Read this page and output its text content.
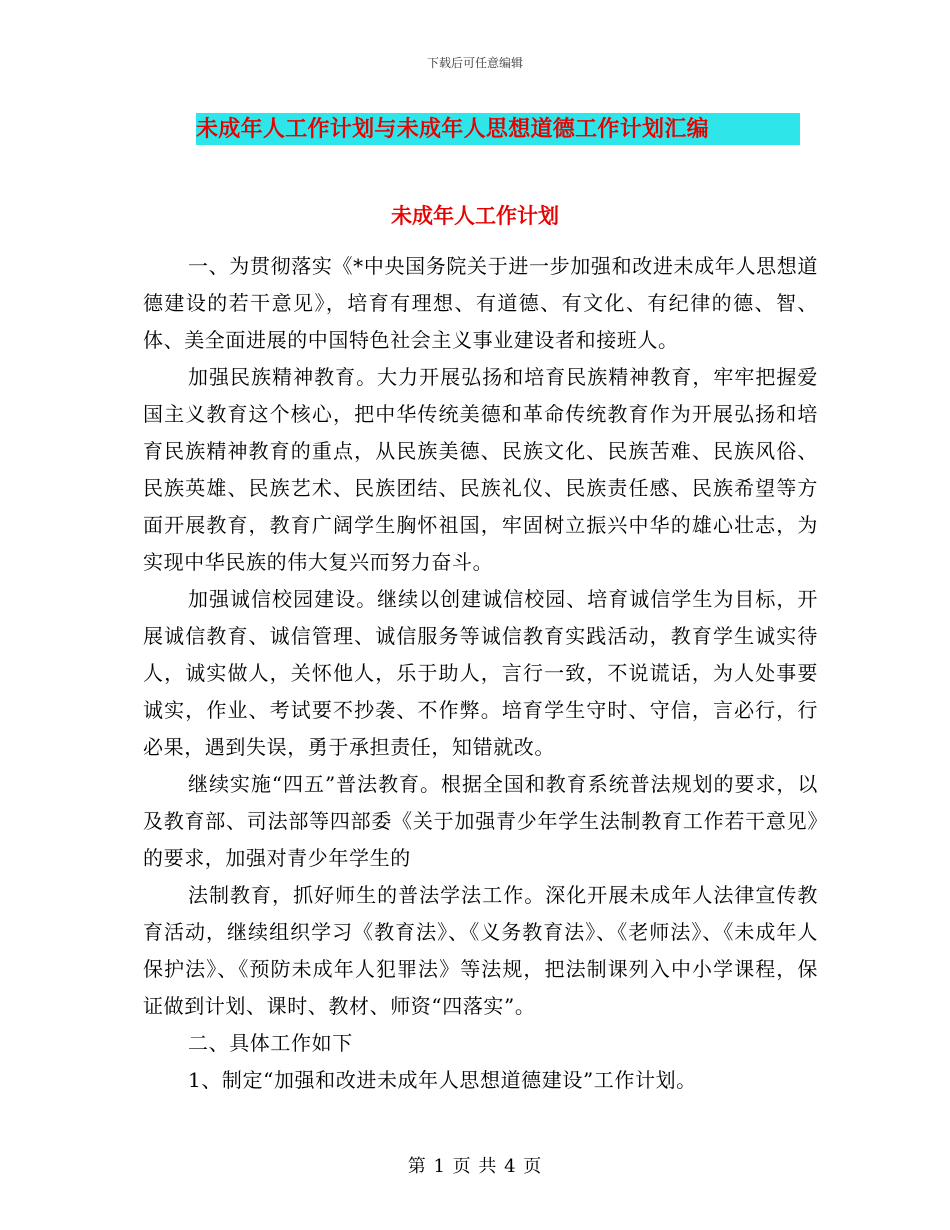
下载后可任意编辑
未成年人工作计划与未成年人思想道德工作计划汇编
未成年人工作计划

一、为贯彻落实《*中央国务院关于进一步加强和改进未成年人思想道德建设的若干意见》，培育有理想、有道德、有文化、有纪律的德、智、体、美全面进展的中国特色社会主义事业建设者和接班人。

加强民族精神教育。大力开展弘扬和培育民族精神教育，牢牢把握爱国主义教育这个核心，把中华传统美德和革命传统教育作为开展弘扬和培育民族精神教育的重点，从民族美德、民族文化、民族苦难、民族风俗、民族英雄、民族艺术、民族团结、民族礼仪、民族责任感、民族希望等方面开展教育，教育广阔学生胸怀祖国，牢固树立振兴中华的雄心壮志，为实现中华民族的伟大复兴而努力奋斗。

加强诚信校园建设。继续以创建诚信校园、培育诚信学生为目标，开展诚信教育、诚信管理、诚信服务等诚信教育实践活动，教育学生诚实待人，诚实做人，关怀他人，乐于助人，言行一致，不说谎话，为人处事要诚实，作业、考试要不抄袭、不作弊。培育学生守时、守信，言必行，行必果，遇到失误，勇于承担责任，知错就改。

继续实施“四五”普法教育。根据全国和教育系统普法规划的要求，以及教育部、司法部等四部委《关于加强青少年学生法制教育工作若干意见》的要求，加强对青少年学生的

法制教育，抓好师生的普法学法工作。深化开展未成年人法律宣传教育活动，继续组织学习《教育法》、《义务教育法》、《老师法》、《未成年人保护法》、《预防未成年人犯罪法》等法规，把法制课列入中小学课程，保证做到计划、课时、教材、师资“四落实”。

二、具体工作如下

1、制定“加强和改进未成年人思想道德建设”工作计划。

第 1 页 共 4 页
